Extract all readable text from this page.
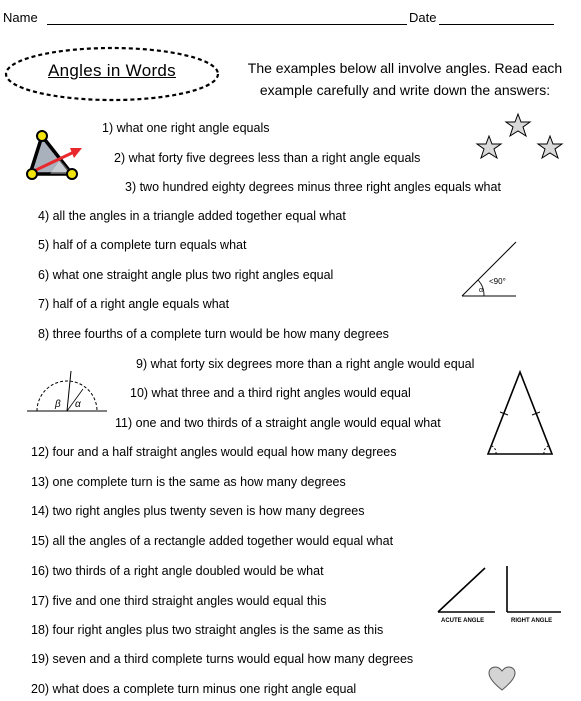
Name	Date
Angles in Words	The examples below all involve angles. Read each example carefully and write down the answers:
1) what one right angle equals
2) what forty five degrees less than a right angle equals
3) two hundred eighty degrees minus three right angles equals what
4) all the angles in a triangle added together equal what
5) half of a complete turn equals what
6) what one straight angle plus two right angles equal
7) half of a right angle equals what
8) three fourths of a complete turn would be how many degrees
9) what forty six degrees more than a right angle would equal
10) what three and a third right angles would equal
11) one and two thirds of a straight angle would equal what
12) four and a half straight angles would equal how many degrees
13) one complete turn is the same as how many degrees
14) two right angles plus twenty seven is how many degrees
15) all the angles of a rectangle added together would equal what
16) two thirds of a right angle doubled would be what
17) five and one third straight angles would equal this
18) four right angles plus two straight angles is the same as this
19) seven and a third complete turns would equal how many degrees
20) what does a complete turn minus one right angle equal
α
<90°
β α
ACUTE ANGLE	RIGHT ANGLE
